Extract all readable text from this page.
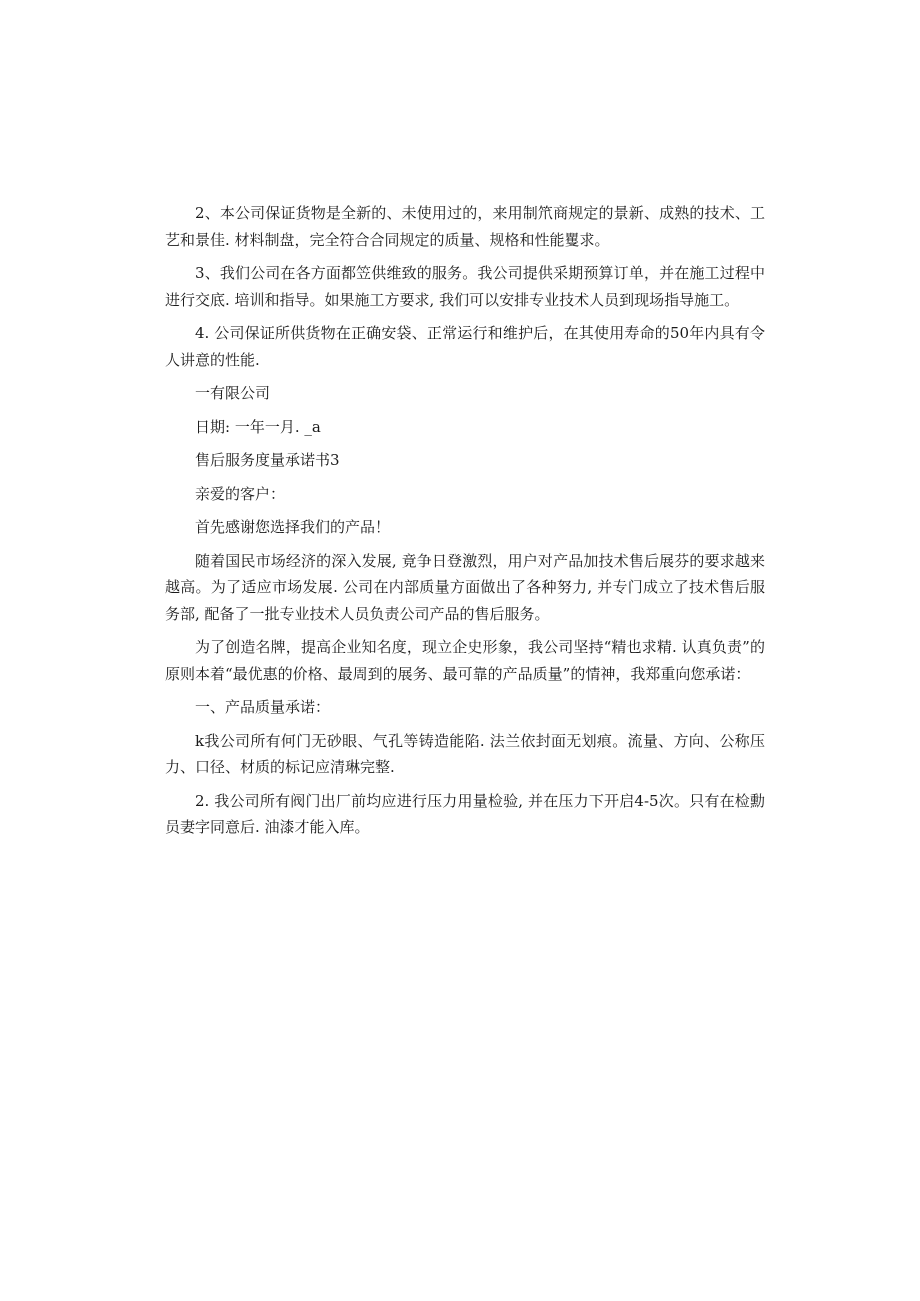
2、本公司保证货物是全新的、未使用过的，来用制笊商规定的景新、成熟的技术、工艺和景佳. 材料制盘，完全符合合同规定的质量、规格和性能矍求。

3、我们公司在各方面都笠供维致的服务。我公司提供采期预算订单，并在施工过程中进行交底. 培训和指导。如果施工方要求, 我们可以安排专业技术人员到现场指导施工。

4. 公司保证所供货物在正确安袋、正常运行和维护后，在其使用寿命的50年内具有令人讲意的性能.

一有限公司

日期: 一年一月. _a

售后服务度量承诺书3

亲爱的客户：

首先感谢您选择我们的产品！

随着国民市场经济的深入发展, 竟争日登激烈，用户对产品加技术售后展芬的要求越来越高。为了适应市场发展. 公司在内部质量方面做出了各种努力, 并专门成立了技术售后服务部, 配备了一批专业技术人员负责公司产品的售后服务。

为了创造名牌，提高企业知名度，现立企史形象，我公司坚持“精也求精. 认真负责”的原则本着“最优惠的价格、最周到的展务、最可靠的产品质量”的情神，我郑重向您承诺：

一、产品质量承诺：

k我公司所有何门无砂眼、气孔等铸造能陷. 法兰依封面无划痕。流量、方向、公称压力、口径、材质的标记应清琳完整.

2. 我公司所有阀门出厂前均应进行压力用量检验, 并在压力下开启4-5次。只有在检勳员妻字同意后. 油漆才能入库。
